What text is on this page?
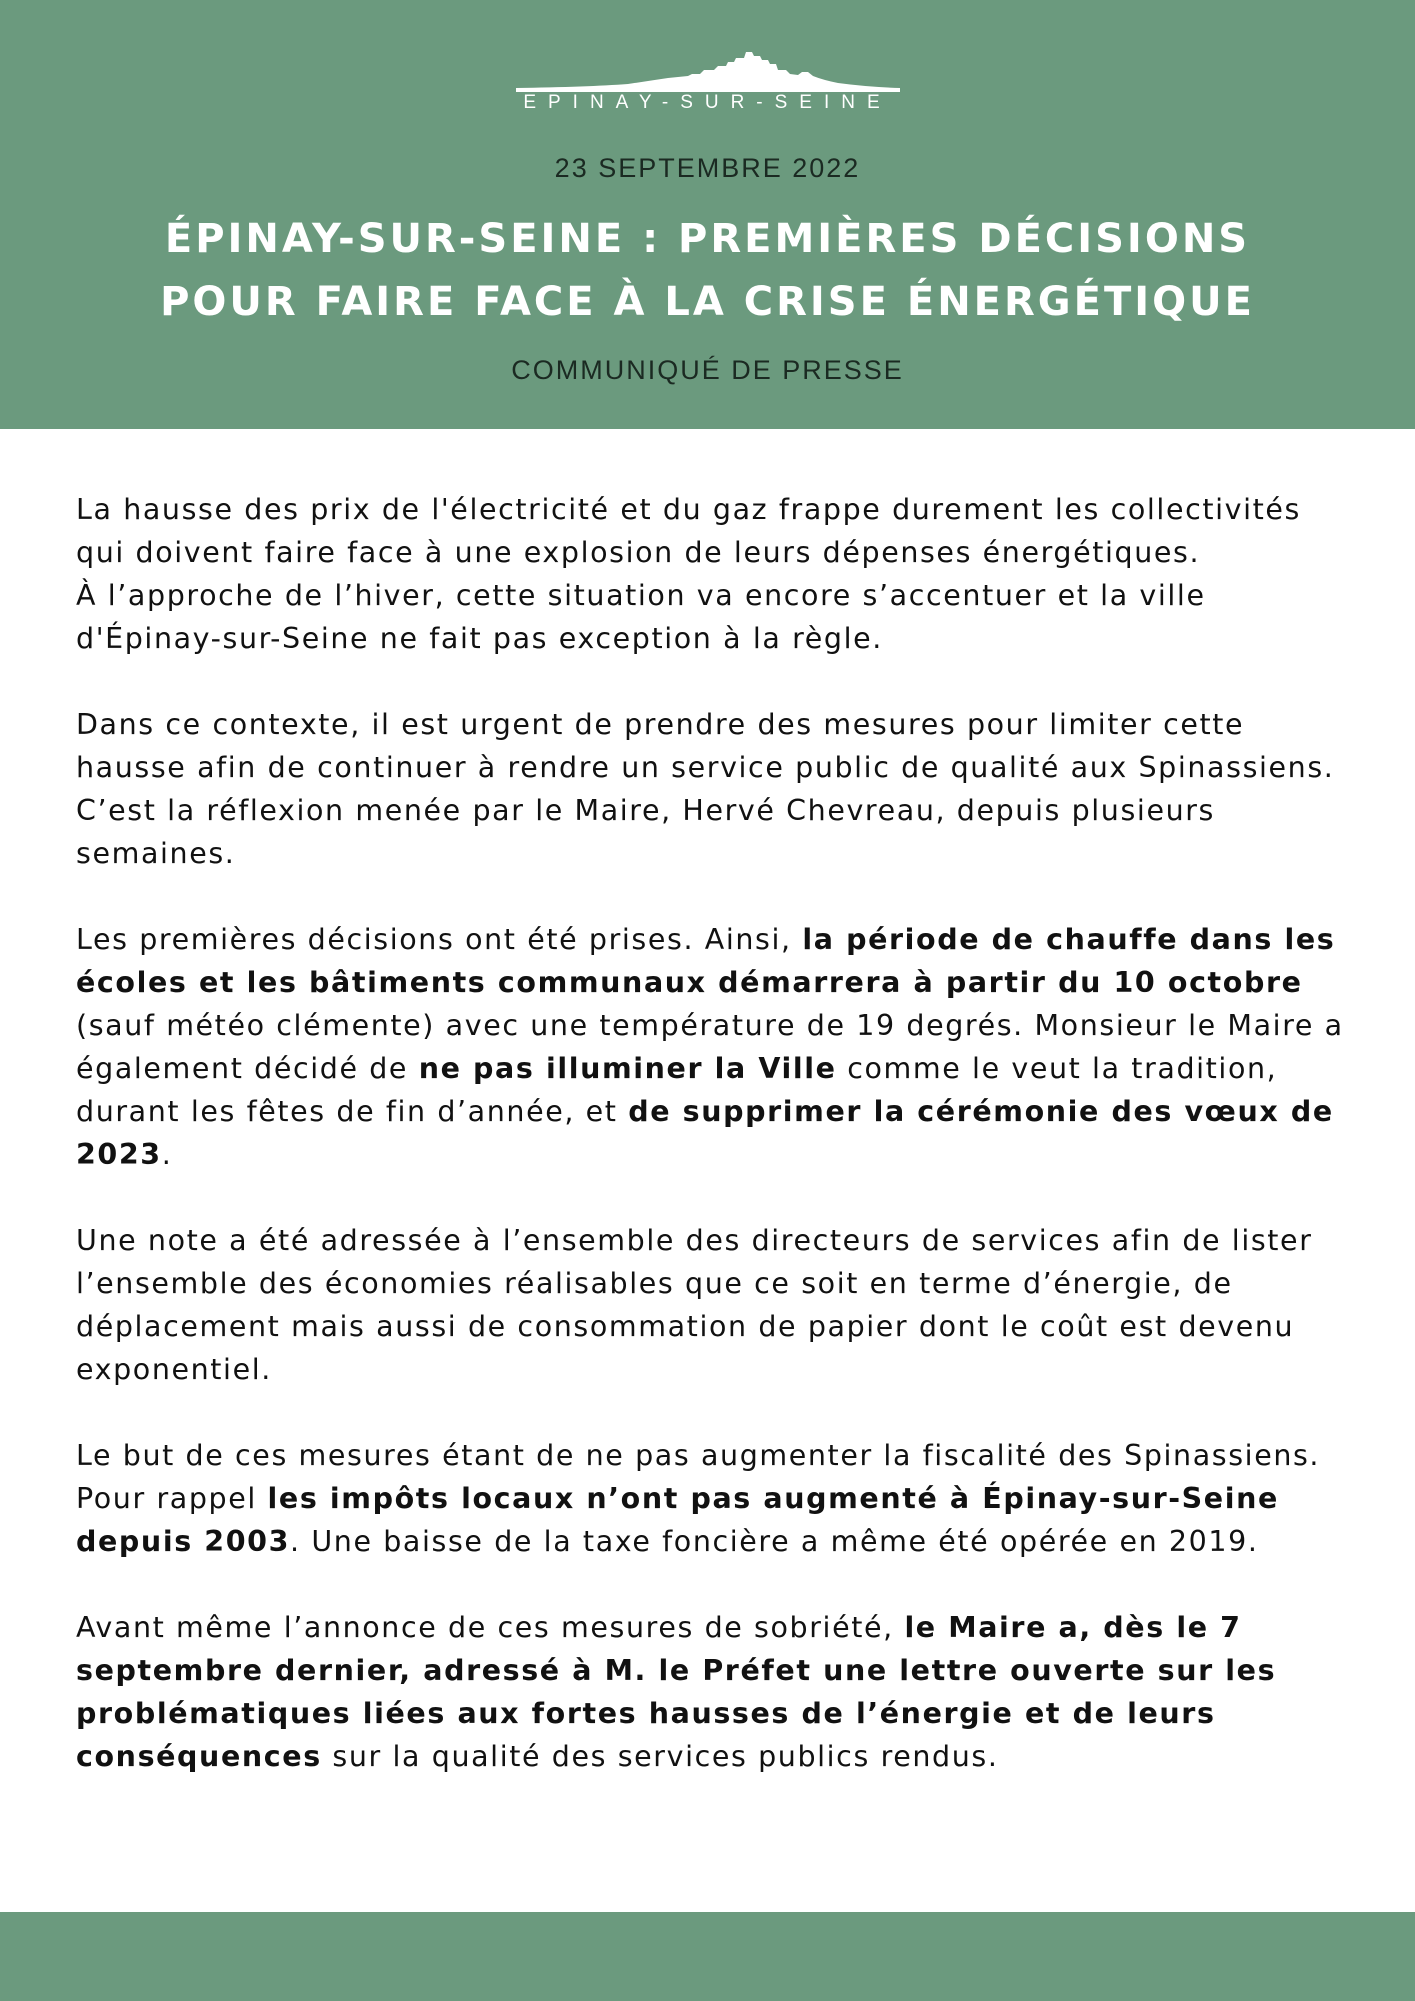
EPINAY-SUR-SEINE
23 SEPTEMBRE 2022
ÉPINAY-SUR-SEINE : PREMIÈRES DÉCISIONS
POUR FAIRE FACE À LA CRISE ÉNERGÉTIQUE
COMMUNIQUÉ DE PRESSE

La hausse des prix de l'électricité et du gaz frappe durement les collectivités qui doivent faire face à une explosion de leurs dépenses énergétiques.
À l’approche de l’hiver, cette situation va encore s’accentuer et la ville d'Épinay-sur-Seine ne fait pas exception à la règle.

Dans ce contexte, il est urgent de prendre des mesures pour limiter cette hausse afin de continuer à rendre un service public de qualité aux Spinassiens. C’est la réflexion menée par le Maire, Hervé Chevreau, depuis plusieurs semaines.

Les premières décisions ont été prises. Ainsi, la période de chauffe dans les écoles et les bâtiments communaux démarrera à partir du 10 octobre (sauf météo clémente) avec une température de 19 degrés. Monsieur le Maire a également décidé de ne pas illuminer la Ville comme le veut la tradition, durant les fêtes de fin d’année, et de supprimer la cérémonie des vœux de 2023.

Une note a été adressée à l’ensemble des directeurs de services afin de lister l’ensemble des économies réalisables que ce soit en terme d’énergie, de déplacement mais aussi de consommation de papier dont le coût est devenu exponentiel.

Le but de ces mesures étant de ne pas augmenter la fiscalité des Spinassiens. Pour rappel les impôts locaux n’ont pas augmenté à Épinay-sur-Seine depuis 2003. Une baisse de la taxe foncière a même été opérée en 2019.

Avant même l’annonce de ces mesures de sobriété, le Maire a, dès le 7 septembre dernier, adressé à M. le Préfet une lettre ouverte sur les problématiques liées aux fortes hausses de l’énergie et de leurs conséquences sur la qualité des services publics rendus.
